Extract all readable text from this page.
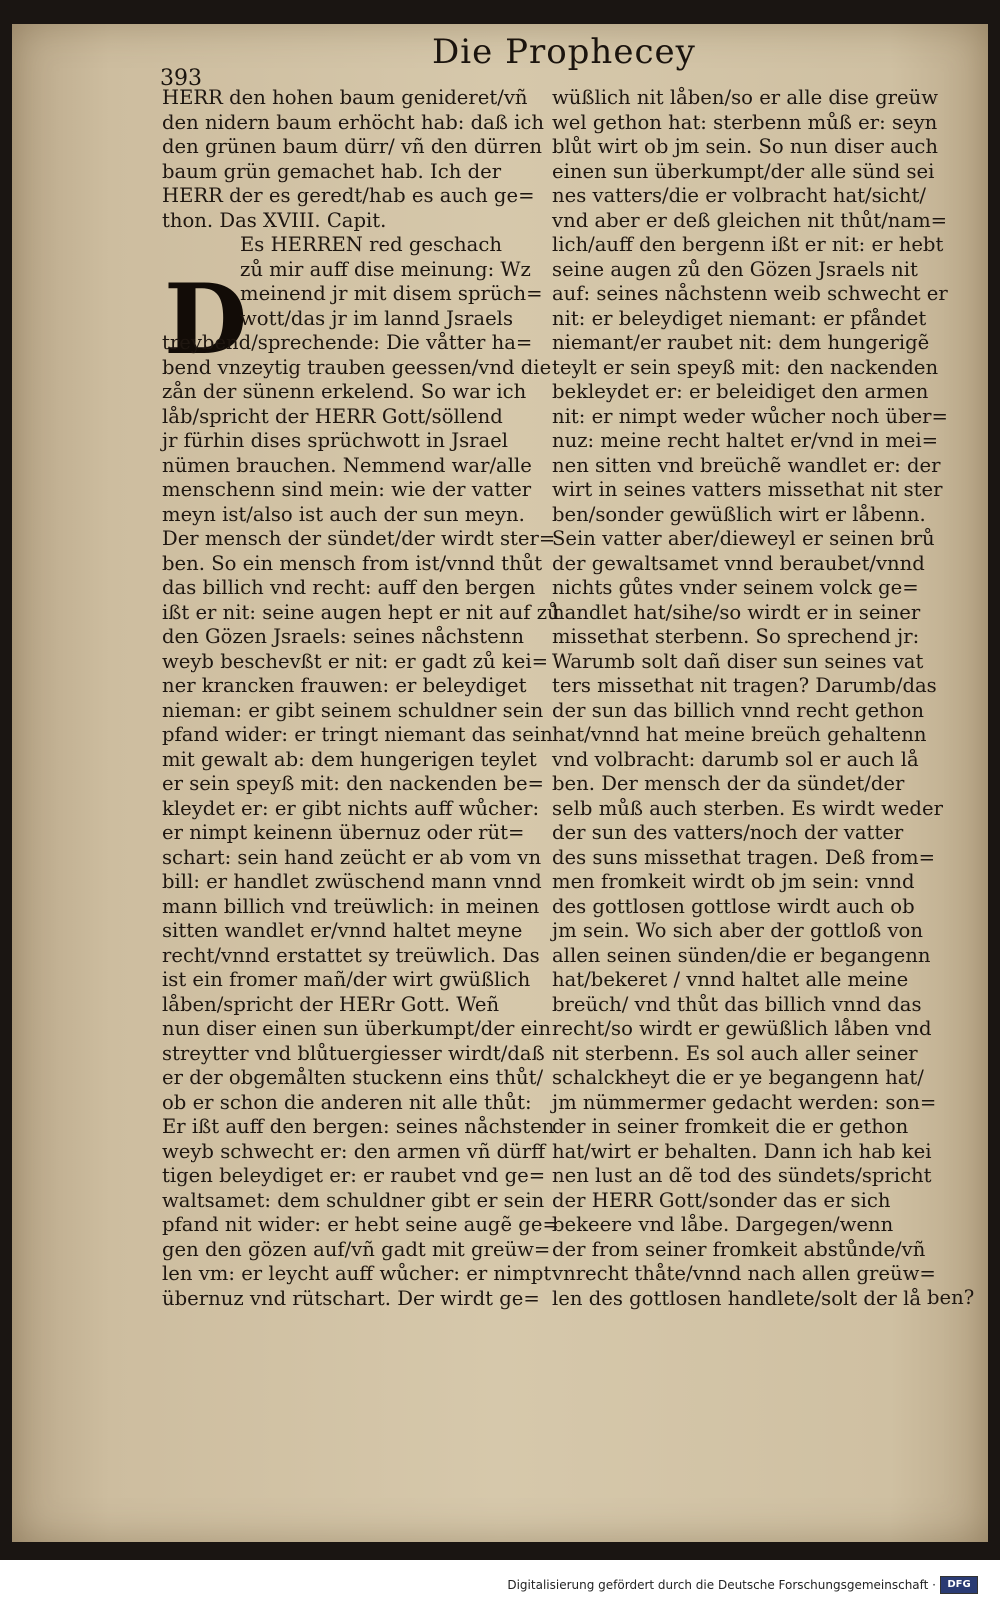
393
Die Prophecey
D
HERR den hohen baum genideret/vñ
den nidern baum erhöcht hab: daß ich
den grünen baum dürr/ vñ den dürren
baum grün gemachet hab. Ich der
HERR der es geredt/hab es auch ge=
thon. Das XVIII. Capit.
Es HERREN red geschach
zů mir auff dise meinung: Wz
meinend jr mit disem sprüch=
wott/das jr im lannd Jsraels
treybend/sprechende: Die våtter ha=
bend vnzeytig trauben geessen/vnd die
zån der sünenn erkelend. So war ich
låb/spricht der HERR Gott/söllend
jr fürhin dises sprüchwott in Jsrael
nümen brauchen. Nemmend war/alle
menschenn sind mein: wie der vatter
meyn ist/also ist auch der sun meyn.
Der mensch der sündet/der wirdt ster=
ben. So ein mensch from ist/vnnd thůt
das billich vnd recht: auff den bergen
ißt er nit: seine augen hept er nit auf zů
den Gözen Jsraels: seines nåchstenn
weyb beschevßt er nit: er gadt zů kei=
ner krancken frauwen: er beleydiget
nieman: er gibt seinem schuldner sein
pfand wider: er tringt niemant das sein
mit gewalt ab: dem hungerigen teylet
er sein speyß mit: den nackenden be=
kleydet er: er gibt nichts auff wůcher:
er nimpt keinenn übernuz oder rüt=
schart: sein hand zeücht er ab vom vn
bill: er handlet zwüschend mann vnnd
mann billich vnd treüwlich: in meinen
sitten wandlet er/vnnd haltet meyne
recht/vnnd erstattet sy treüwlich. Das
ist ein fromer mañ/der wirt gwüßlich
låben/spricht der HERr Gott. Weñ
nun diser einen sun überkumpt/der ein
streytter vnd blůtuergiesser wirdt/daß
er der obgemålten stuckenn eins thůt/
ob er schon die anderen nit alle thůt:
Er ißt auff den bergen: seines nåchsten
weyb schwecht er: den armen vñ dürff
tigen beleydiget er: er raubet vnd ge=
waltsamet: dem schuldner gibt er sein
pfand nit wider: er hebt seine augẽ ge=
gen den gözen auf/vñ gadt mit greüw=
len vm: er leycht auff wůcher: er nimpt
übernuz vnd rütschart. Der wirdt ge=
wüßlich nit låben/so er alle dise greüw
wel gethon hat: sterbenn můß er: seyn
blůt wirt ob jm sein. So nun diser auch
einen sun überkumpt/der alle sünd sei
nes vatters/die er volbracht hat/sicht/
vnd aber er deß gleichen nit thůt/nam=
lich/auff den bergenn ißt er nit: er hebt
seine augen zů den Gözen Jsraels nit
auf: seines nåchstenn weib schwecht er
nit: er beleydiget niemant: er pfåndet
niemant/er raubet nit: dem hungerigẽ
teylt er sein speyß mit: den nackenden
bekleydet er: er beleidiget den armen
nit: er nimpt weder wůcher noch über=
nuz: meine recht haltet er/vnd in mei=
nen sitten vnd breüchẽ wandlet er: der
wirt in seines vatters missethat nit ster
ben/sonder gewüßlich wirt er låbenn.
Sein vatter aber/dieweyl er seinen brů
der gewaltsamet vnnd beraubet/vnnd
nichts gůtes vnder seinem volck ge=
handlet hat/sihe/so wirdt er in seiner
missethat sterbenn. So sprechend jr:
Warumb solt dañ diser sun seines vat
ters missethat nit tragen? Darumb/das
der sun das billich vnnd recht gethon
hat/vnnd hat meine breüch gehaltenn
vnd volbracht: darumb sol er auch lå
ben. Der mensch der da sündet/der
selb můß auch sterben. Es wirdt weder
der sun des vatters/noch der vatter
des suns missethat tragen. Deß from=
men fromkeit wirdt ob jm sein: vnnd
des gottlosen gottlose wirdt auch ob
jm sein. Wo sich aber der gottloß von
allen seinen sünden/die er begangenn
hat/bekeret / vnnd haltet alle meine
breüch/ vnd thůt das billich vnnd das
recht/so wirdt er gewüßlich låben vnd
nit sterbenn. Es sol auch aller seiner
schalckheyt die er ye begangenn hat/
jm nümmermer gedacht werden: son=
der in seiner fromkeit die er gethon
hat/wirt er behalten. Dann ich hab kei
nen lust an dẽ tod des sündets/spricht
der HERR Gott/sonder das er sich
bekeere vnd låbe. Dargegen/wenn
der from seiner fromkeit abstůnde/vñ
vnrecht thåte/vnnd nach allen greüw=
len des gottlosen handlete/solt der lå ben?
Digitalisierung gefördert durch die Deutsche Forschungsgemeinschaft ·	DFG
